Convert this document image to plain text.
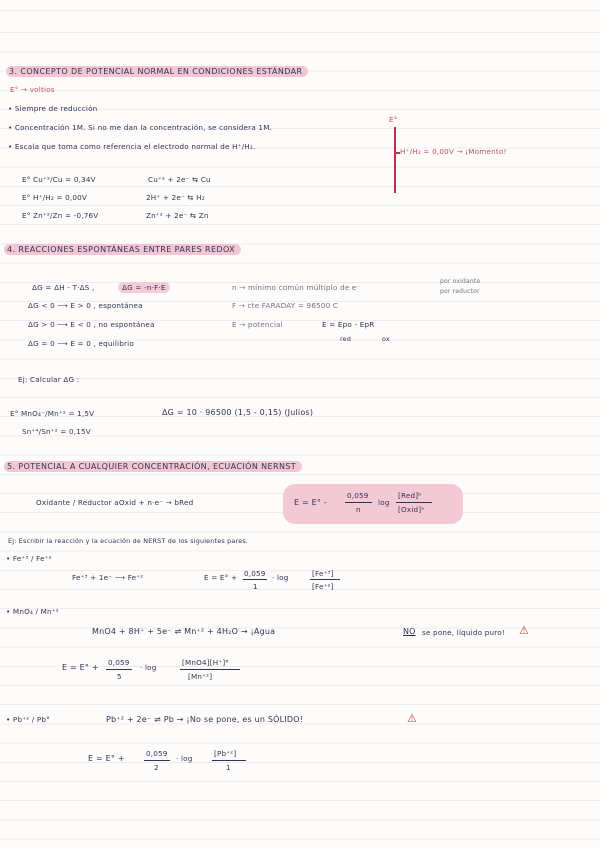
3. CONCEPTO DE POTENCIAL NORMAL EN CONDICIONES ESTÁNDAR
E° → voltios
• Siempre de reducción
• Concentración 1M. Si no me dan la concentración, se considera 1M.
• Escala que toma como referencia el electrodo normal de H⁺/H₂.
E°
H⁺/H₂ = 0,00V → ¡Momento!
E° Cu⁺²/Cu = 0,34V	Cu⁺² + 2e⁻ ⇆ Cu
E° H⁺/H₂ = 0,00V	2H⁺ + 2e⁻ ⇆ H₂
E° Zn⁺²/Zn = -0,76V	Zn⁺² + 2e⁻ ⇆ Zn
4. REACCIONES ESPONTÁNEAS ENTRE PARES REDOX
ΔG = ΔH - T·ΔS ,	ΔG = -n·F·E
ΔG < 0 ⟶ E > 0 , espontánea
ΔG > 0 ⟶ E < 0 , no espontánea
ΔG = 0 ⟶ E = 0 , equilibrio
n → mínimo común múltiplo de e⁻
por oxidante
por reductor
F → cte FARADAY = 96500 C
E → potencial	E = Epo - EpR
red	ox
Ej: Calcular ΔG :
E° MnO₄⁻/Mn⁺² = 1,5V
Sn⁺⁴/Sn⁺² = 0,15V
ΔG = 10 · 96500 (1,5 - 0,15) (Julios)
5. POTENCIAL A CUALQUIER CONCENTRACIÓN, ECUACIÓN NERNST
Oxidante / Reductor aOxid + n·e⁻ → bRed	E = E° -
0,059
n
log
[Red]ᵇ
[Oxid]ᵃ
Ej: Escribir la reacción y la ecuación de NERST de los siguientes pares.
• Fe⁺³ / Fe⁺²
Fe⁺³ + 1e⁻ ⟶ Fe⁺²	E = E° + 0,059
1
· log	[Fe⁺³]
[Fe⁺²]
• MnO₄ / Mn⁺²
MnO4 + 8H⁺ + 5e⁻ ⇌ Mn⁺² + 4H₂O → ¡Agua	NO se pone, líquido puro! ⚠
E = E° +
0,059
5
· log
[MnO4][H⁺]⁸
[Mn⁺²]
• Pb⁺² / Pb°	Pb⁺² + 2e⁻ ⇌ Pb → ¡No se pone, es un SÓLIDO!	⚠
E = E° +
0,059
2
· log
[Pb⁺²]
1
